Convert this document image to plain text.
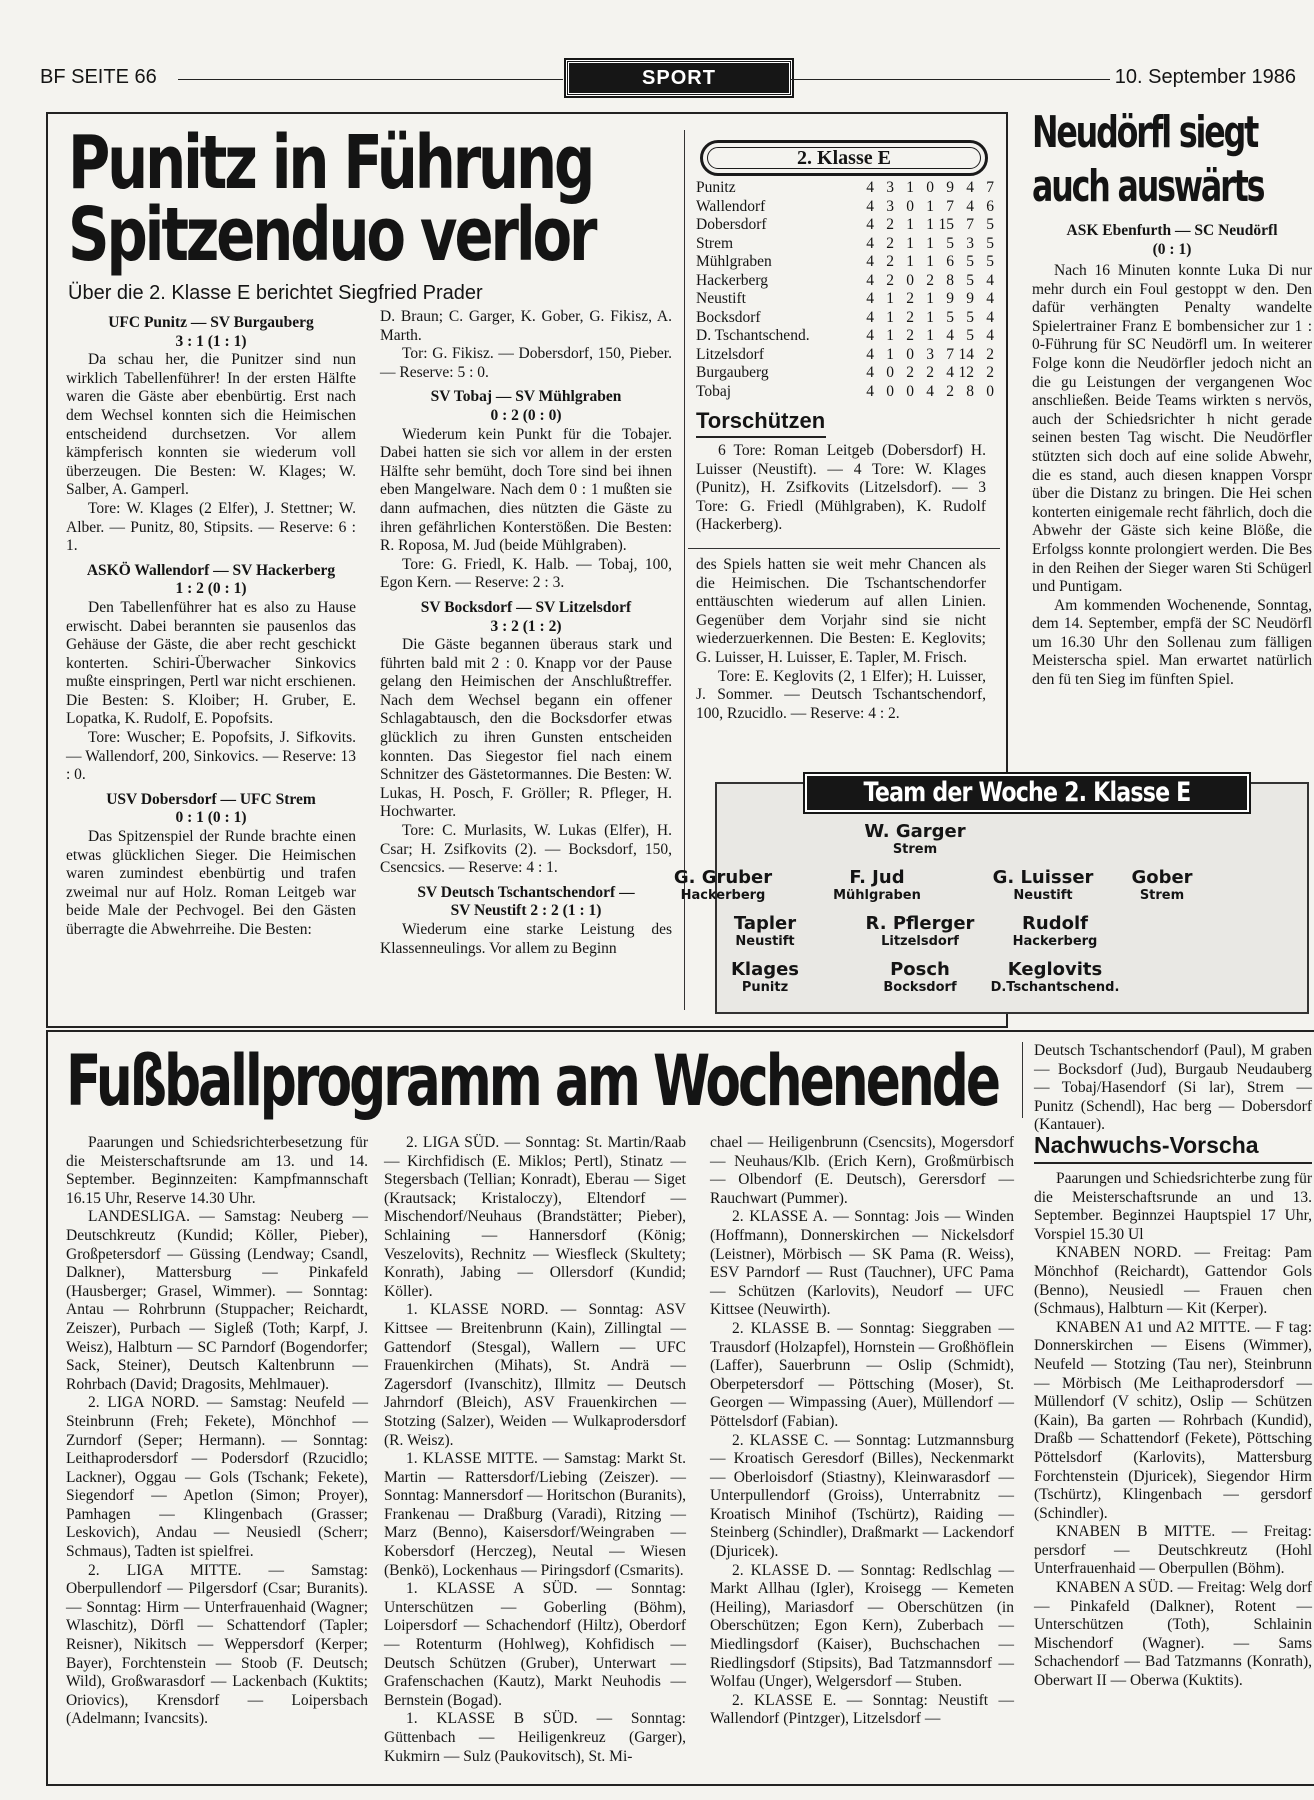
BF SEITE 66	SPORT	10. September 1986
Punitz in Führung
Spitzenduo verlor
Über die 2. Klasse E berichtet Siegfried Prader
UFC Punitz — SV Burgauberg
3 : 1 (1 : 1)

Da schau her, die Punitzer sind nun wirklich Tabellenführer! In der ersten Hälfte waren die Gäste aber ebenbürtig. Erst nach dem Wechsel konnten sich die Heimischen entscheidend durchsetzen. Vor allem kämpferisch konnten sie wiederum voll überzeugen. Die Besten: W. Klages; W. Salber, A. Gamperl.

Tore: W. Klages (2 Elfer), J. Stettner; W. Alber. — Punitz, 80, Stipsits. — Reserve: 6 : 1.

ASKÖ Wallendorf — SV Hackerberg
1 : 2 (0 : 1)

Den Tabellenführer hat es also zu Hause erwischt. Dabei berannten sie pausenlos das Gehäuse der Gäste, die aber recht geschickt konterten. Schiri-Überwacher Sinkovics mußte einspringen, Pertl war nicht erschienen. Die Besten: S. Kloiber; H. Gruber, E. Lopatka, K. Rudolf, E. Popofsits.

Tore: Wuscher; E. Popofsits, J. Sifkovits. — Wallendorf, 200, Sinkovics. — Reserve: 13 : 0.

USV Dobersdorf — UFC Strem
0 : 1 (0 : 1)

Das Spitzenspiel der Runde brachte einen etwas glücklichen Sieger. Die Heimischen waren zumindest ebenbürtig und trafen zweimal nur auf Holz. Roman Leitgeb war beide Male der Pechvogel. Bei den Gästen überragte die Abwehrreihe. Die Besten:

D. Braun; C. Garger, K. Gober, G. Fikisz, A. Marth.

Tor: G. Fikisz. — Dobersdorf, 150, Pieber. — Reserve: 5 : 0.

SV Tobaj — SV Mühlgraben
0 : 2 (0 : 0)

Wiederum kein Punkt für die Tobajer. Dabei hatten sie sich vor allem in der ersten Hälfte sehr bemüht, doch Tore sind bei ihnen eben Mangelware. Nach dem 0 : 1 mußten sie dann aufmachen, dies nützten die Gäste zu ihren gefährlichen Konterstößen. Die Besten: R. Roposa, M. Jud (beide Mühlgraben).

Tore: G. Friedl, K. Halb. — Tobaj, 100, Egon Kern. — Reserve: 2 : 3.

SV Bocksdorf — SV Litzelsdorf
3 : 2 (1 : 2)

Die Gäste begannen überaus stark und führten bald mit 2 : 0. Knapp vor der Pause gelang den Heimischen der Anschlußtreffer. Nach dem Wechsel begann ein offener Schlagabtausch, den die Bocksdorfer etwas glücklich zu ihren Gunsten entscheiden konnten. Das Siegestor fiel nach einem Schnitzer des Gästetormannes. Die Besten: W. Lukas, H. Posch, F. Gröller; R. Pfleger, H. Hochwarter.

Tore: C. Murlasits, W. Lukas (Elfer), H. Csar; H. Zsifkovits (2). — Bocksdorf, 150, Csencsics. — Reserve: 4 : 1.

SV Deutsch Tschantschendorf —
SV Neustift 2 : 2 (1 : 1)

Wiederum eine starke Leistung des Klassenneulings. Vor allem zu Beginn

2. Klasse E
Punitz	4	3	1	0	9	4	7
Wallendorf	4	3	0	1	7	4	6
Dobersdorf	4	2	1	1	15	7	5
Strem	4	2	1	1	5	3	5
Mühlgraben	4	2	1	1	6	5	5
Hackerberg	4	2	0	2	8	5	4
Neustift	4	1	2	1	9	9	4
Bocksdorf	4	1	2	1	5	5	4
D. Tschantschend.	4	1	2	1	4	5	4
Litzelsdorf	4	1	0	3	7	14	2
Burgauberg	4	0	2	2	4	12	2
Tobaj	4	0	0	4	2	8	0
Torschützen

6 Tore: Roman Leitgeb (Dobersdorf) H. Luisser (Neustift). — 4 Tore: W. Klages (Punitz), H. Zsifkovits (Litzelsdorf). — 3 Tore: G. Friedl (Mühlgraben), K. Rudolf (Hackerberg).

des Spiels hatten sie weit mehr Chancen als die Heimischen. Die Tschantschendorfer enttäuschten wiederum auf allen Linien. Gegenüber dem Vorjahr sind sie nicht wiederzuerkennen. Die Besten: E. Keglovits; G. Luisser, H. Luisser, E. Tapler, M. Frisch.

Tore: E. Keglovits (2, 1 Elfer); H. Luisser, J. Sommer. — Deutsch Tschantschendorf, 100, Rzucidlo. — Reserve: 4 : 2.

Team der Woche 2. Klasse E
W. Garger
Strem
G. Gruber
Hackerberg
F. Jud
Mühlgraben
G. Luisser
Neustift
Gober
Strem
Tapler
Neustift
R. Pflerger
Litzelsdorf
Rudolf
Hackerberg
Klages
Punitz
Posch
Bocksdorf
Keglovits
D.Tschantschend.
Neudörfl siegt
auch auswärts
ASK Ebenfurth — SC Neudörfl
(0 : 1)

Nach 16 Minuten konnte Luka Di nur mehr durch ein Foul gestoppt w den. Den dafür verhängten Penalty wandelte Spielertrainer Franz E bombensicher zur 1 : 0-Führung für SC Neudörfl um. In weiterer Folge konn die Neudörfler jedoch nicht an die gu Leistungen der vergangenen Woc anschließen. Beide Teams wirkten s nervös, auch der Schiedsrichter h nicht gerade seinen besten Tag wischt. Die Neudörfler stützten sich doch auf eine solide Abwehr, die es stand, auch diesen knappen Vorspr über die Distanz zu bringen. Die Hei schen konterten einigemale recht fährlich, doch die Abwehr der Gäste sich keine Blöße, die Erfolgss konnte prolongiert werden. Die Bes in den Reihen der Sieger waren Sti Schügerl und Puntigam.

Am kommenden Wochenende, Sonntag, dem 14. September, empfä der SC Neudörfl um 16.30 Uhr den Sollenau zum fälligen Meisterscha spiel. Man erwartet natürlich den fü ten Sieg im fünften Spiel.

Fußballprogramm am Wochenende

Paarungen und Schiedsrichterbesetzung für die Meisterschaftsrunde am 13. und 14. September. Beginnzeiten: Kampfmannschaft 16.15 Uhr, Reserve 14.30 Uhr.

LANDESLIGA. — Samstag: Neuberg — Deutschkreutz (Kundid; Köller, Pieber), Großpetersdorf — Güssing (Lendway; Csandl, Dalkner), Mattersburg — Pinkafeld (Hausberger; Grasel, Wimmer). — Sonntag: Antau — Rohrbrunn (Stuppacher; Reichardt, Zeiszer), Purbach — Sigleß (Toth; Karpf, J. Weisz), Halbturn — SC Parndorf (Bogendorfer; Sack, Steiner), Deutsch Kaltenbrunn — Rohrbach (David; Dragosits, Mehlmauer).

2. LIGA NORD. — Samstag: Neufeld — Steinbrunn (Freh; Fekete), Mönchhof — Zurndorf (Seper; Hermann). — Sonntag: Leithaprodersdorf — Podersdorf (Rzucidlo; Lackner), Oggau — Gols (Tschank; Fekete), Siegendorf — Apetlon (Simon; Proyer), Pamhagen — Klingenbach (Grasser; Leskovich), Andau — Neusiedl (Scherr; Schmaus), Tadten ist spielfrei.

2. LIGA MITTE. — Samstag: Oberpullendorf — Pilgersdorf (Csar; Buranits). — Sonntag: Hirm — Unterfrauenhaid (Wagner; Wlaschitz), Dörfl — Schattendorf (Tapler; Reisner), Nikitsch — Weppersdorf (Kerper; Bayer), Forchtenstein — Stoob (F. Deutsch; Wild), Großwarasdorf — Lackenbach (Kuktits; Oriovics), Krensdorf — Loipersbach (Adelmann; Ivancsits).

2. LIGA SÜD. — Sonntag: St. Martin/Raab — Kirchfidisch (E. Miklos; Pertl), Stinatz — Stegersbach (Tellian; Konradt), Eberau — Siget (Krautsack; Kristaloczy), Eltendorf — Mischendorf/Neuhaus (Brandstätter; Pieber), Schlaining — Hannersdorf (König; Veszelovits), Rechnitz — Wiesfleck (Skultety; Konrath), Jabing — Ollersdorf (Kundid; Köller).

1. KLASSE NORD. — Sonntag: ASV Kittsee — Breitenbrunn (Kain), Zillingtal — Gattendorf (Stesgal), Wallern — UFC Frauenkirchen (Mihats), St. Andrä — Zagersdorf (Ivanschitz), Illmitz — Deutsch Jahrndorf (Bleich), ASV Frauenkirchen — Stotzing (Salzer), Weiden — Wulkaprodersdorf (R. Weisz).

1. KLASSE MITTE. — Samstag: Markt St. Martin — Rattersdorf/Liebing (Zeiszer). — Sonntag: Mannersdorf — Horitschon (Buranits), Frankenau — Draßburg (Varadi), Ritzing — Marz (Benno), Kaisersdorf/Weingraben — Kobersdorf (Herczeg), Neutal — Wiesen (Benkö), Lockenhaus — Piringsdorf (Csmarits).

1. KLASSE A SÜD. — Sonntag: Unterschützen — Goberling (Böhm), Loipersdorf — Schachendorf (Hiltz), Oberdorf — Rotenturm (Hohlweg), Kohfidisch — Deutsch Schützen (Gruber), Unterwart — Grafenschachen (Kautz), Markt Neuhodis — Bernstein (Bogad).

1. KLASSE B SÜD. — Sonntag: Güttenbach — Heiligenkreuz (Garger), Kukmirn — Sulz (Paukovitsch), St. Mi-

chael — Heiligenbrunn (Csencsits), Mogersdorf — Neuhaus/Klb. (Erich Kern), Großmürbisch — Olbendorf (E. Deutsch), Gerersdorf — Rauchwart (Pummer).

2. KLASSE A. — Sonntag: Jois — Winden (Hoffmann), Donnerskirchen — Nickelsdorf (Leistner), Mörbisch — SK Pama (R. Weiss), ESV Parndorf — Rust (Tauchner), UFC Pama — Schützen (Karlovits), Neudorf — UFC Kittsee (Neuwirth).

2. KLASSE B. — Sonntag: Sieggraben — Trausdorf (Holzapfel), Hornstein — Großhöflein (Laffer), Sauerbrunn — Oslip (Schmidt), Oberpetersdorf — Pöttsching (Moser), St. Georgen — Wimpassing (Auer), Müllendorf — Pöttelsdorf (Fabian).

2. KLASSE C. — Sonntag: Lutzmannsburg — Kroatisch Geresdorf (Billes), Neckenmarkt — Oberloisdorf (Stiastny), Kleinwarasdorf — Unterpullendorf (Groiss), Unterrabnitz — Kroatisch Minihof (Tschürtz), Raiding — Steinberg (Schindler), Draßmarkt — Lackendorf (Djuricek).

2. KLASSE D. — Sonntag: Redlschlag — Markt Allhau (Igler), Kroisegg — Kemeten (Heiling), Mariasdorf — Oberschützen (in Oberschützen; Egon Kern), Zuberbach — Miedlingsdorf (Kaiser), Buchschachen — Riedlingsdorf (Stipsits), Bad Tatzmannsdorf — Wolfau (Unger), Welgersdorf — Stuben.

2. KLASSE E. — Sonntag: Neustift — Wallendorf (Pintzger), Litzelsdorf —

Deutsch Tschantschendorf (Paul), M graben — Bocksdorf (Jud), Burgaub Neudauberg — Tobaj/Hasendorf (Si lar), Strem — Punitz (Schendl), Hac berg — Dobersdorf (Kantauer).

Nachwuchs-Vorscha

Paarungen und Schiedsrichterbe zung für die Meisterschaftsrunde an und 13. September. Beginnzei Hauptspiel 17 Uhr, Vorspiel 15.30 Ul

KNABEN NORD. — Freitag: Pam Mönchhof (Reichardt), Gattendor Gols (Benno), Neusiedl — Frauen chen (Schmaus), Halbturn — Kit (Kerper).

KNABEN A1 und A2 MITTE. — F tag: Donnerskirchen — Eisens (Wimmer), Neufeld — Stotzing (Tau ner), Steinbrunn — Mörbisch (Me Leithaprodersdorf — Müllendorf (V schitz), Oslip — Schützen (Kain), Ba garten — Rohrbach (Kundid), Draßb — Schattendorf (Fekete), Pöttsching Pöttelsdorf (Karlovits), Mattersburg Forchtenstein (Djuricek), Siegendor Hirm (Tschürtz), Klingenbach — gersdorf (Schindler).

KNABEN B MITTE. — Freitag: persdorf — Deutschkreutz (Hohl Unterfrauenhaid — Oberpullen (Böhm).

KNABEN A SÜD. — Freitag: Welg dorf — Pinkafeld (Dalkner), Rotent — Unterschützen (Toth), Schlainin Mischendorf (Wagner). — Sams Schachendorf — Bad Tatzmanns (Konrath), Oberwart II — Oberwa (Kuktits).
